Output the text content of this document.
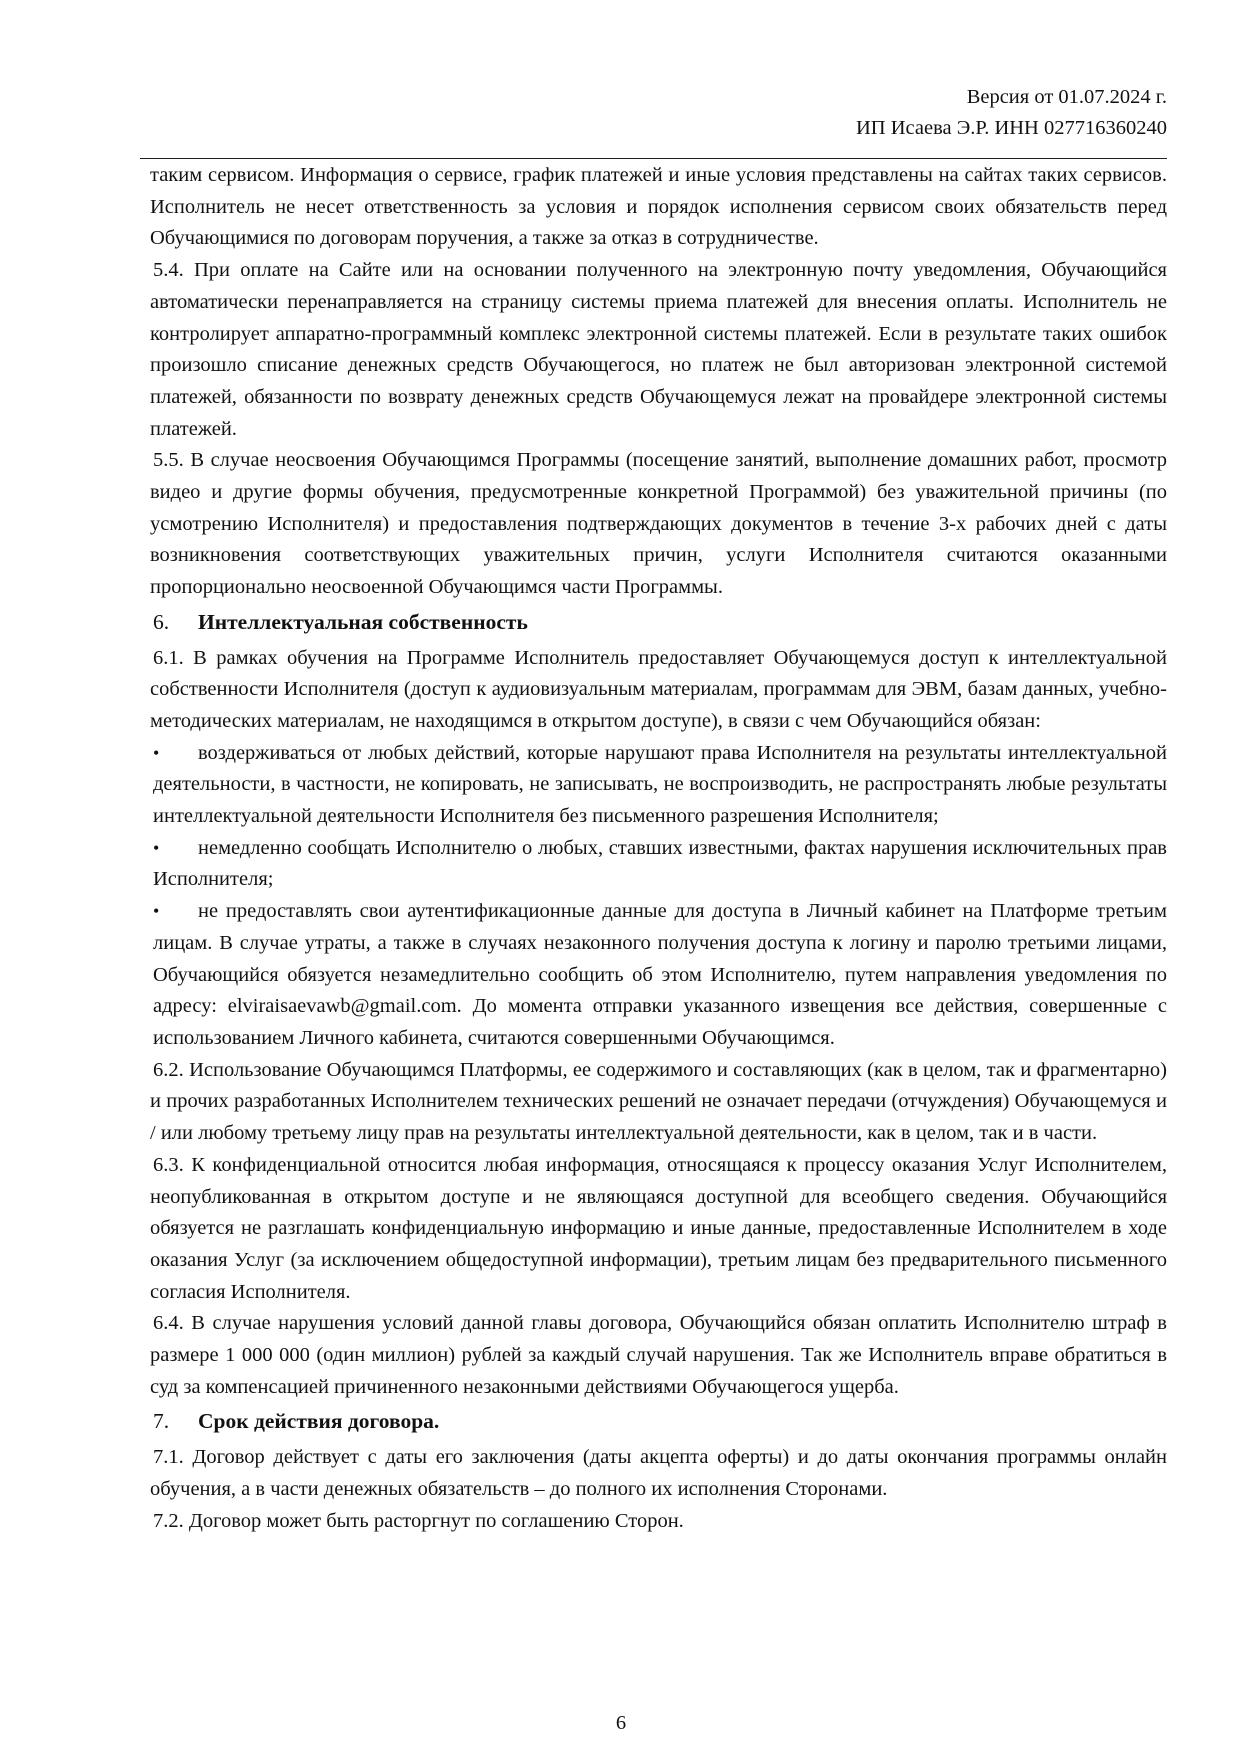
Версия от 01.07.2024 г.
ИП Исаева Э.Р. ИНН 027716360240

таким сервисом. Информация о сервисе, график платежей и иные условия представлены на сайтах таких сервисов. Исполнитель не несет ответственность за условия и порядок исполнения сервисом своих обязательств перед Обучающимися по договорам поручения, а также за отказ в сотрудничестве.

5.4. При оплате на Сайте или на основании полученного на электронную почту уведомления, Обучающийся автоматически перенаправляется на страницу системы приема платежей для внесения оплаты. Исполнитель не контролирует аппаратно-программный комплекс электронной системы платежей. Если в результате таких ошибок произошло списание денежных средств Обучающегося, но платеж не был авторизован электронной системой платежей, обязанности по возврату денежных средств Обучающемуся лежат на провайдере электронной системы платежей.

5.5. В случае неосвоения Обучающимся Программы (посещение занятий, выполнение домашних работ, просмотр видео и другие формы обучения, предусмотренные конкретной Программой) без уважительной причины (по усмотрению Исполнителя) и предоставления подтверждающих документов в течение 3-х рабочих дней с даты возникновения соответствующих уважительных причин, услуги Исполнителя считаются оказанными пропорционально неосвоенной Обучающимся части Программы.

6. Интеллектуальная собственность

6.1. В рамках обучения на Программе Исполнитель предоставляет Обучающемуся доступ к интеллектуальной собственности Исполнителя (доступ к аудиовизуальным материалам, программам для ЭВМ, базам данных, учебно-методических материалам, не находящимся в открытом доступе), в связи с чем Обучающийся обязан:

• воздерживаться от любых действий, которые нарушают права Исполнителя на результаты интеллектуальной деятельности, в частности, не копировать, не записывать, не воспроизводить, не распространять любые результаты интеллектуальной деятельности Исполнителя без письменного разрешения Исполнителя;

• немедленно сообщать Исполнителю о любых, ставших известными, фактах нарушения исключительных прав Исполнителя;

• не предоставлять свои аутентификационные данные для доступа в Личный кабинет на Платформе третьим лицам. В случае утраты, а также в случаях незаконного получения доступа к логину и паролю третьими лицами, Обучающийся обязуется незамедлительно сообщить об этом Исполнителю, путем направления уведомления по адресу: elviraisaevawb@gmail.com. До момента отправки указанного извещения все действия, совершенные с использованием Личного кабинета, считаются совершенными Обучающимся.

6.2. Использование Обучающимся Платформы, ее содержимого и составляющих (как в целом, так и фрагментарно) и прочих разработанных Исполнителем технических решений не означает передачи (отчуждения) Обучающемуся и / или любому третьему лицу прав на результаты интеллектуальной деятельности, как в целом, так и в части.

6.3. К конфиденциальной относится любая информация, относящаяся к процессу оказания Услуг Исполнителем, неопубликованная в открытом доступе и не являющаяся доступной для всеобщего сведения. Обучающийся обязуется не разглашать конфиденциальную информацию и иные данные, предоставленные Исполнителем в ходе оказания Услуг (за исключением общедоступной информации), третьим лицам без предварительного письменного согласия Исполнителя.

6.4. В случае нарушения условий данной главы договора, Обучающийся обязан оплатить Исполнителю штраф в размере 1 000 000 (один миллион) рублей за каждый случай нарушения. Так же Исполнитель вправе обратиться в суд за компенсацией причиненного незаконными действиями Обучающегося ущерба.

7. Срок действия договора.

7.1. Договор действует с даты его заключения (даты акцепта оферты) и до даты окончания программы онлайн обучения, а в части денежных обязательств – до полного их исполнения Сторонами.

7.2. Договор может быть расторгнут по соглашению Сторон.

6
